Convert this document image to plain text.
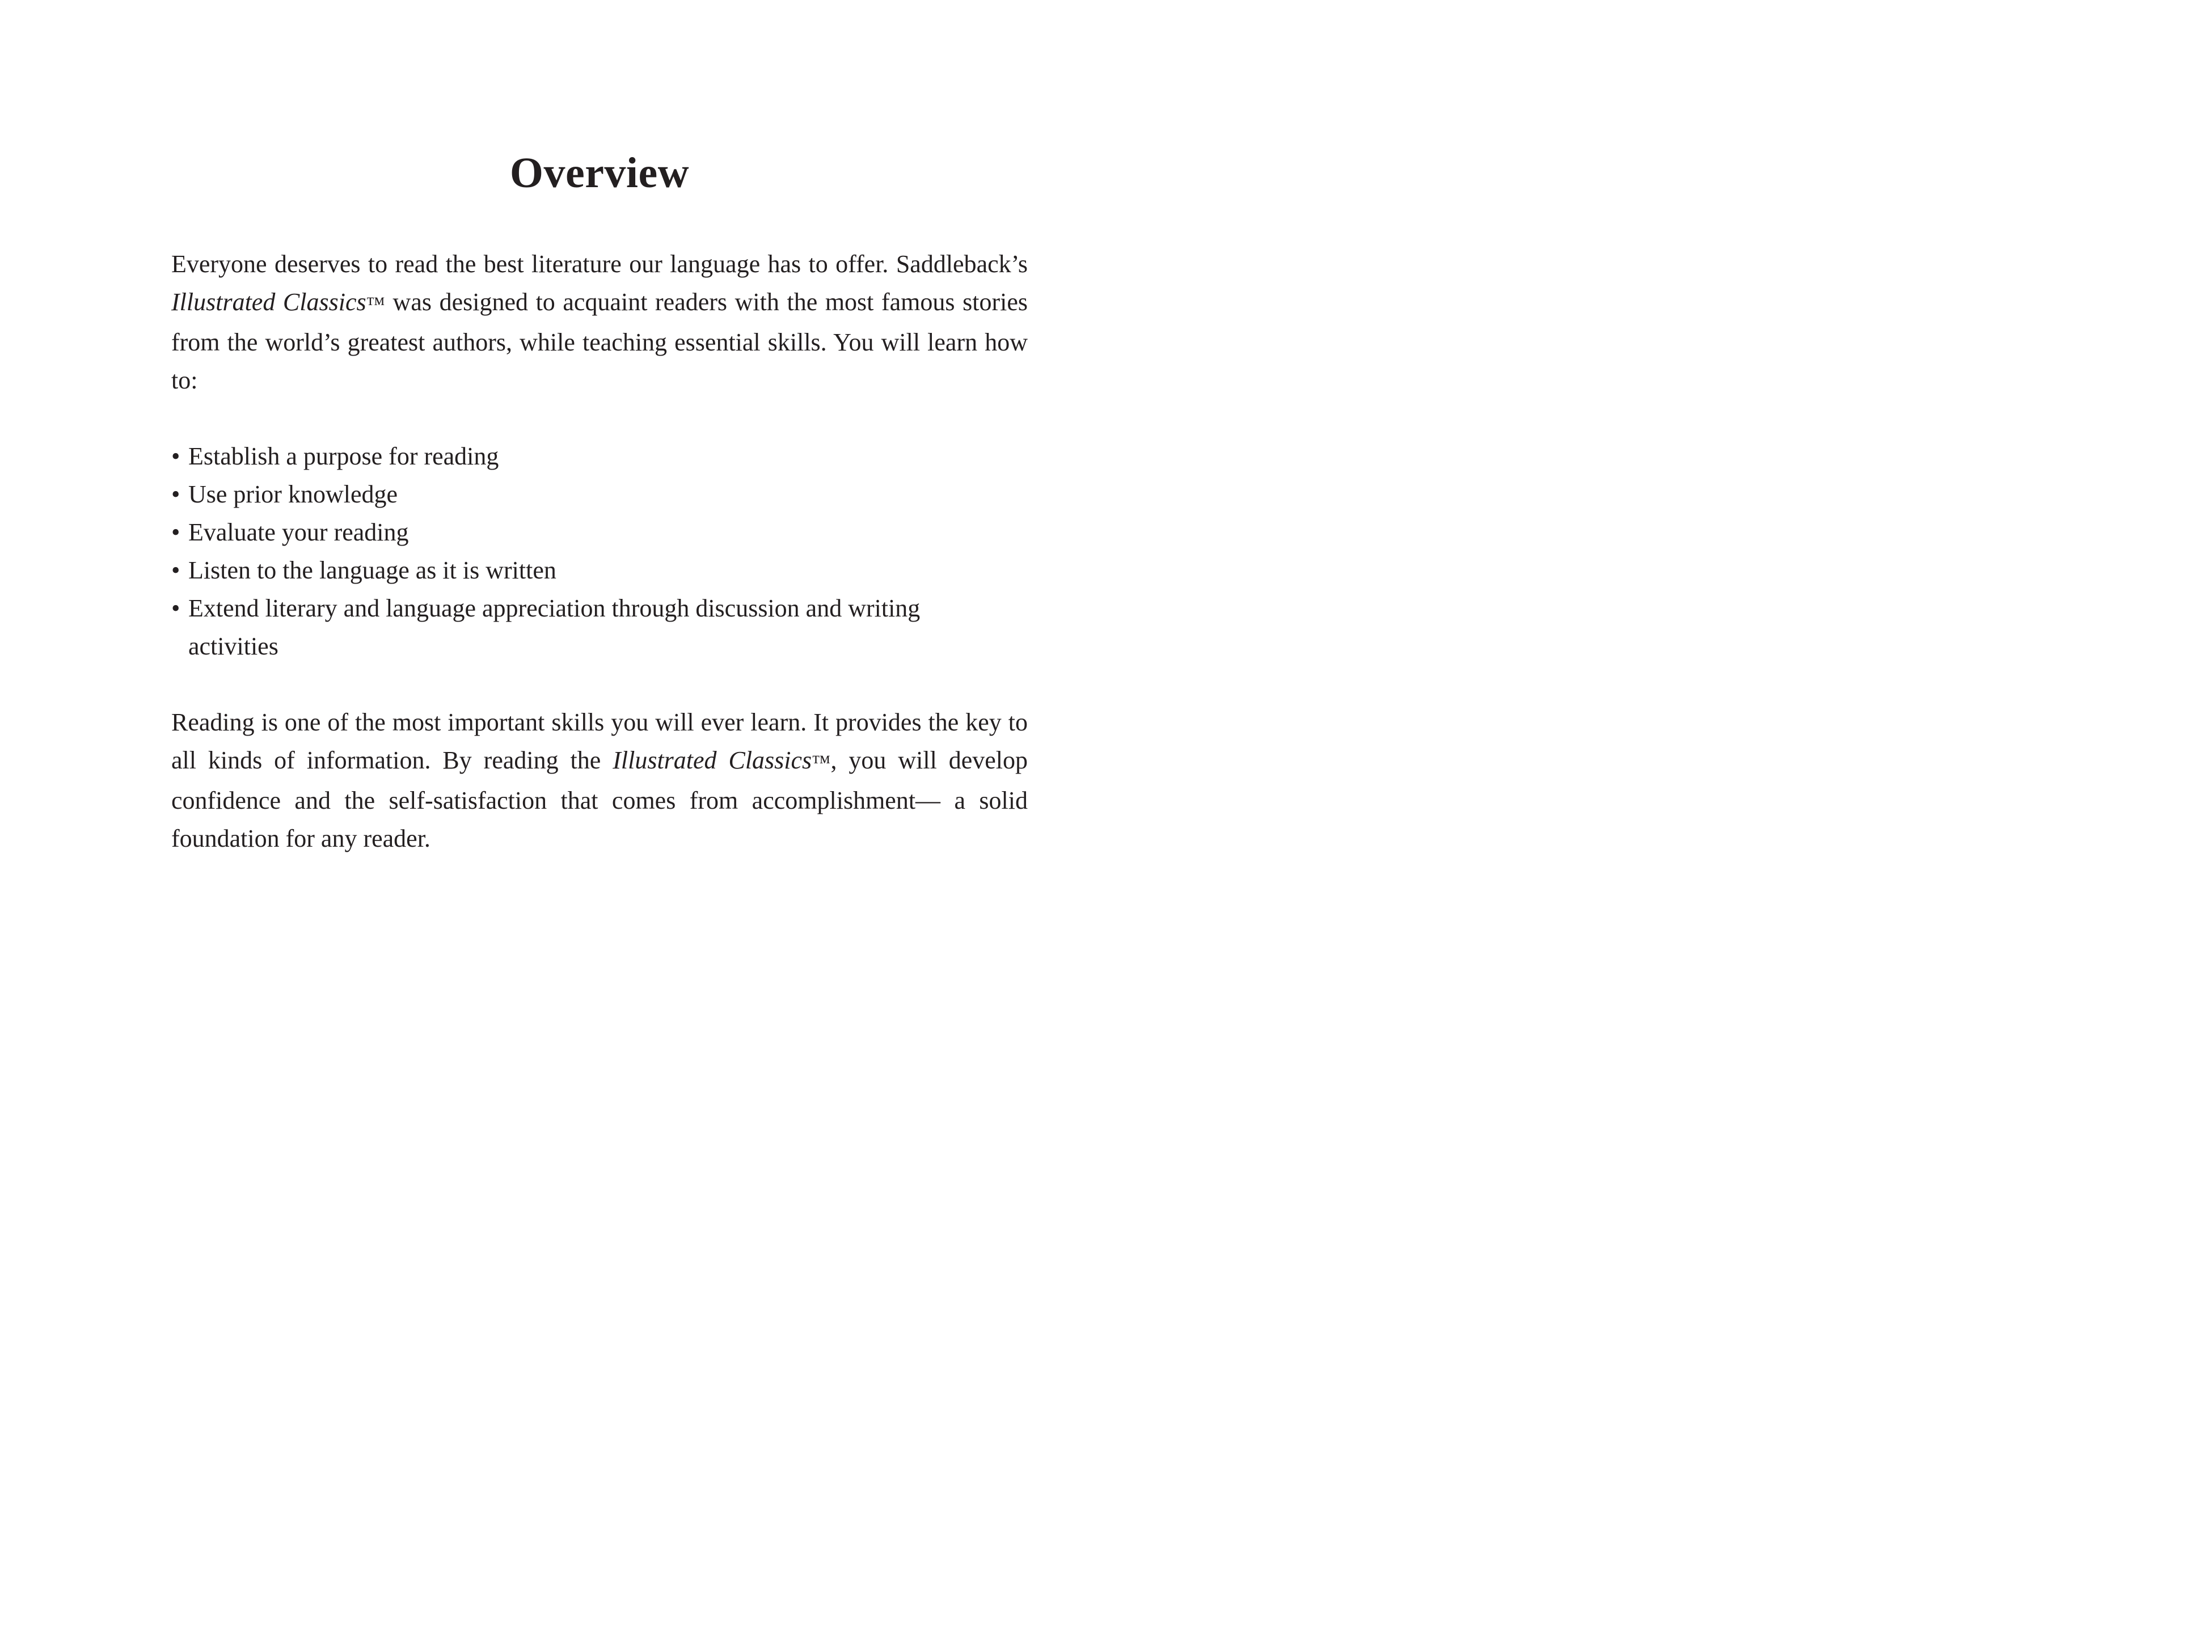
Overview

Everyone deserves to read the best literature our language has to offer. Saddleback’s Illustrated Classics™ was designed to acquaint readers with the most famous stories from the world’s greatest authors, while teaching essential skills. You will learn how to:

• Establish a purpose for reading
• Use prior knowledge
• Evaluate your reading
• Listen to the language as it is written
• Extend literary and language appreciation through discussion and writing activities

Reading is one of the most important skills you will ever learn. It provides the key to all kinds of information. By reading the Illustrated Classics™, you will develop confidence and the self-satisfaction that comes from accomplishment— a solid foundation for any reader.
